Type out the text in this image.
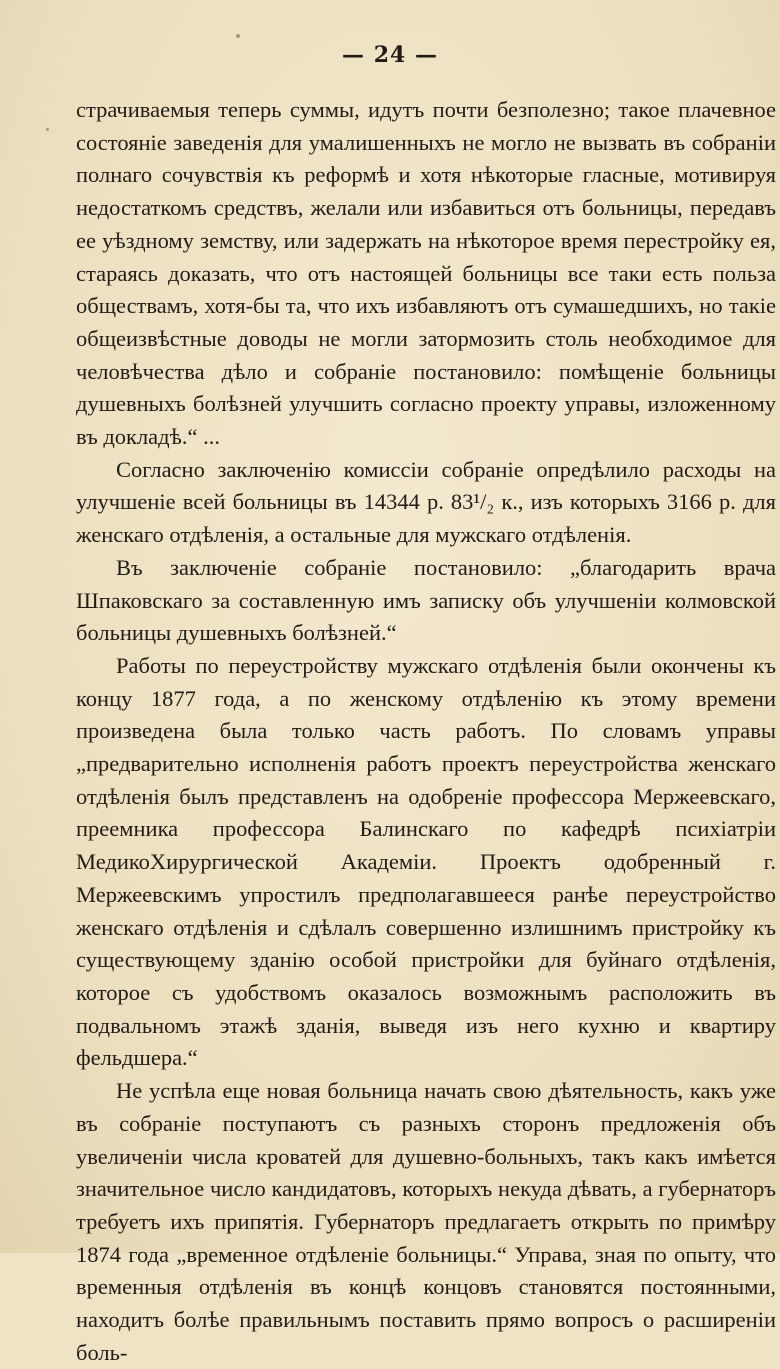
— 24 —

страчиваемыя теперь суммы, идутъ почти безполезно; такое плачевное состояніе заведенія для умалишенныхъ не могло не вызвать въ собраніи полнаго сочувствія къ реформѣ и хотя нѣкоторые гласные, мотивируя недостаткомъ средствъ, желали или избавиться отъ больницы, передавъ ее уѣздному земству, или задержать на нѣкоторое время перестройку ея, стараясь доказать, что отъ настоящей больницы все таки есть польза обществамъ, хотя-бы та, что ихъ избавляютъ отъ сумашедшихъ, но такіе общеизвѣстные доводы не могли затормозить столь необходимое для человѣчества дѣло и собраніе постановило: помѣщеніе больницы душевныхъ болѣзней улучшить согласно проекту управы, изложенному въ докладѣ.“ ...

Согласно заключенію комиссіи собраніе опредѣлило расходы на улучшеніе всей больницы въ 14344 р. 83¹/₂ к., изъ которыхъ 3166 р. для женскаго отдѣленія, а остальные для мужскаго отдѣленія.

Въ заключеніе собраніе постановило: „благодарить врача Шпаковскаго за составленную имъ записку объ улучшеніи колмовской больницы душевныхъ болѣзней.“

Работы по переустройству мужскаго отдѣленія были окончены къ концу 1877 года, а по женскому отдѣленію къ этому времени произведена была только часть работъ. По словамъ управы „предварительно исполненія работъ проектъ переустройства женскаго отдѣленія былъ представленъ на одобреніе профессора Мержеевскаго, преемника профессора Балинскаго по кафедрѣ психіатріи МедикоХирургической Академіи. Проектъ одобренный г. Мержеевскимъ упростилъ предполагавшееся ранѣе переустройство женскаго отдѣленія и сдѣлалъ совершенно излишнимъ пристройку къ существующему зданію особой пристройки для буйнаго отдѣленія, которое съ удобствомъ оказалось возможнымъ расположить въ подвальномъ этажѣ зданія, выведя изъ него кухню и квартиру фельдшера.“

Не успѣла еще новая больница начать свою дѣятельность, какъ уже въ собраніе поступаютъ съ разныхъ сторонъ предложенія объ увеличеніи числа кроватей для душевно-больныхъ, такъ какъ имѣется значительное число кандидатовъ, которыхъ некуда дѣвать, а губернаторъ требуетъ ихъ припятія. Губернаторъ предлагаетъ открыть по примѣру 1874 года „временное отдѣленіе больницы.“ Управа, зная по опыту, что временныя отдѣленія въ концѣ концовъ становятся постоянными, находитъ болѣе правильнымъ поставить прямо вопросъ о расширеніи боль-
